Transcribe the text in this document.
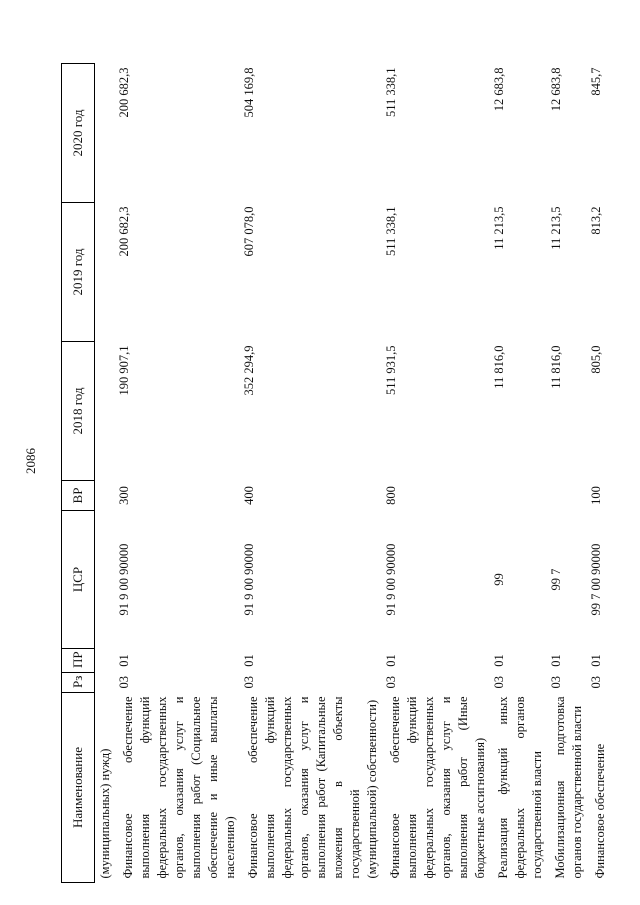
2086
Наименование	Рз	ПР	ЦСР	ВР	2018 год	2019 год	2020 год
(муниципальных) нужд)							
Финансовое обеспечение выполнения функций федеральных государственных органов, оказания услуг и выполнения работ (Социальное обеспечение и иные выплаты населению)	03	01	91 9 00 90000	300	190 907,1	200 682,3	200 682,3
Финансовое обеспечение выполнения функций федеральных государственных органов, оказания услуг и выполнения работ (Капитальные вложения в объекты государственной (муниципальной) собственности)	03	01	91 9 00 90000	400	352 294,9	607 078,0	504 169,8
Финансовое обеспечение выполнения функций федеральных государственных органов, оказания услуг и выполнения работ (Иные бюджетные ассигнования)	03	01	91 9 00 90000	800	511 931,5	511 338,1	511 338,1
Реализация функций иных федеральных органов государственной власти	03	01	99		11 816,0	11 213,5	12 683,8
Мобилизационная подготовка органов государственной власти	03	01	99 7		11 816,0	11 213,5	12 683,8
Финансовое обеспечение	03	01	99 7 00 90000	100	805,0	813,2	845,7
